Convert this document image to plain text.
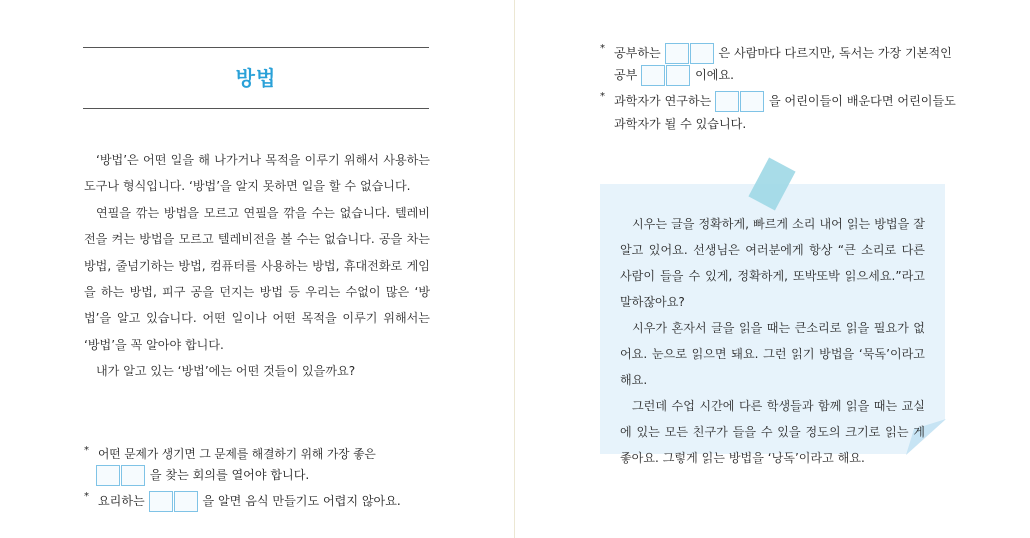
방법

‘방법’은 어떤 일을 해 나가거나 목적을 이루기 위해서 사용하는 도구나 형식입니다. ‘방법’을 알지 못하면 일을 할 수 없습니다.

연필을 깎는 방법을 모르고 연필을 깎을 수는 없습니다. 텔레비전을 켜는 방법을 모르고 텔레비전을 볼 수는 없습니다. 공을 차는 방법, 줄넘기하는 방법, 컴퓨터를 사용하는 방법, 휴대전화로 게임을 하는 방법, 피구 공을 던지는 방법 등 우리는 수없이 많은 ‘방법’을 알고 있습니다. 어떤 일이나 어떤 목적을 이루기 위해서는 ‘방법’을 꼭 알아야 합니다.

내가 알고 있는 ‘방법’에는 어떤 것들이 있을까요?

* 어떤 문제가 생기면 그 문제를 해결하기 위해 가장 좋은
을 찾는 회의를 열어야 합니다.
* 요리하는	을 알면 음식 만들기도 어렵지 않아요.
* 공부하는	은 사람마다 다르지만, 독서는 가장 기본적인
공부	이에요.
* 과학자가 연구하는	을 어린이들이 배운다면 어린이들도
과학자가 될 수 있습니다.

시우는 글을 정확하게, 빠르게 소리 내어 읽는 방법을 잘 알고 있어요. 선생님은 여러분에게 항상 “큰 소리로 다른 사람이 들을 수 있게, 정확하게, 또박또박 읽으세요.”라고 말하잖아요?

시우가 혼자서 글을 읽을 때는 큰소리로 읽을 필요가 없어요. 눈으로 읽으면 돼요. 그런 읽기 방법을 ‘묵독’이라고 해요.

그런데 수업 시간에 다른 학생들과 함께 읽을 때는 교실에 있는 모든 친구가 들을 수 있을 정도의 크기로 읽는 게 좋아요. 그렇게 읽는 방법을 ‘낭독’이라고 해요.
